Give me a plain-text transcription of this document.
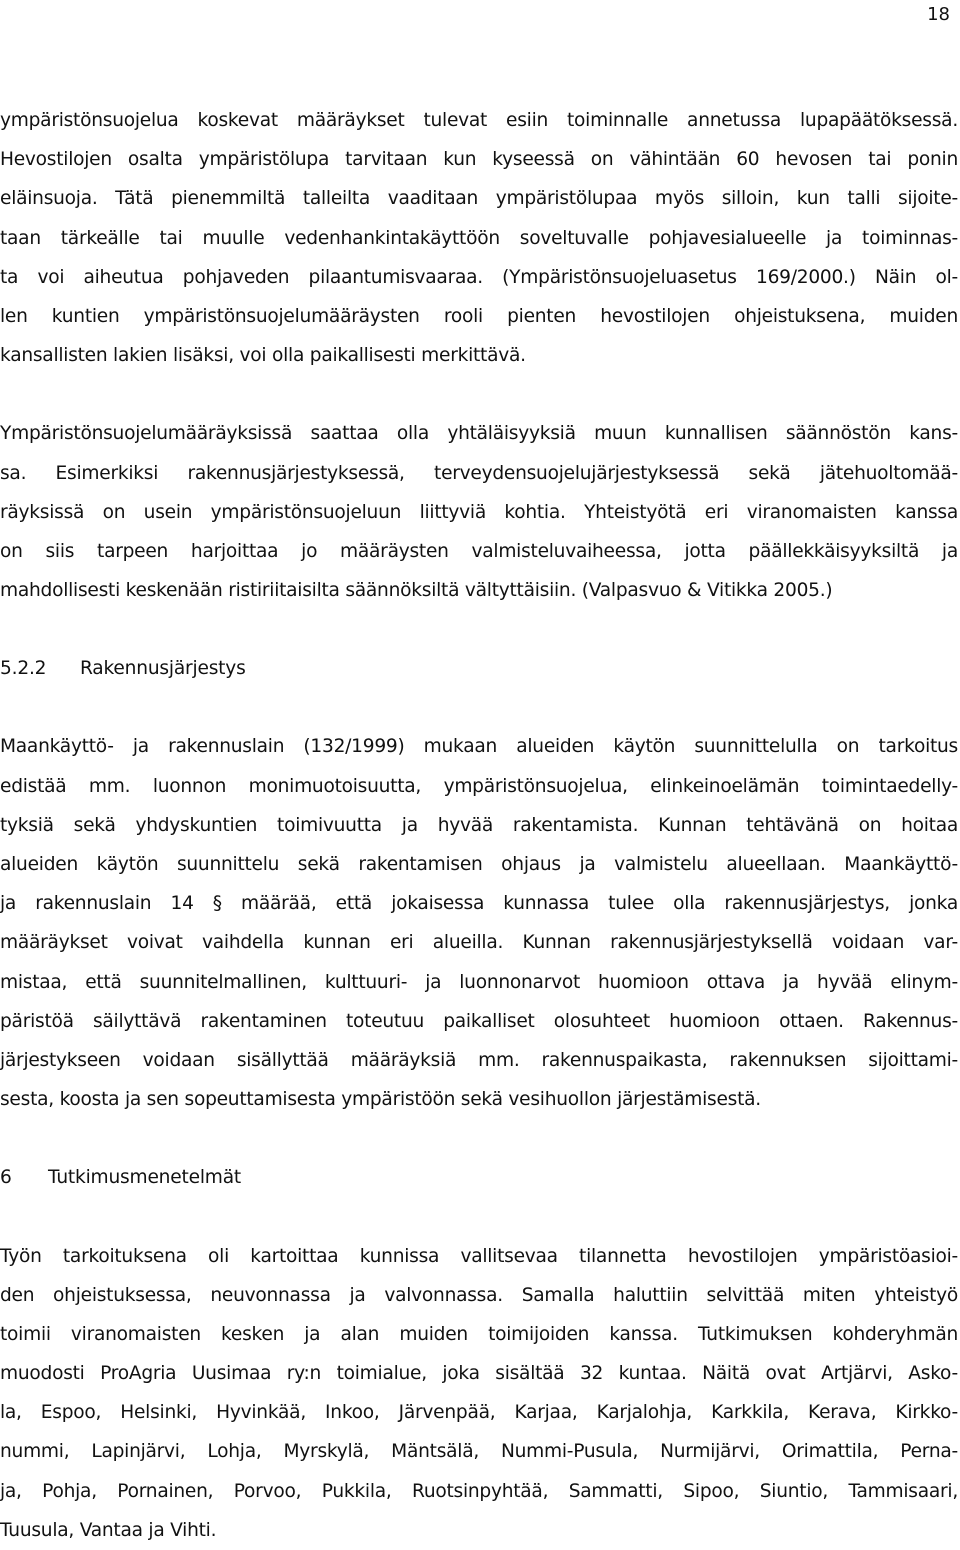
18
ympäristönsuojelua koskevat määräykset tulevat esiin toiminnalle annetussa lupapäätöksessä.
Hevostilojen osalta ympäristölupa tarvitaan kun kyseessä on vähintään 60 hevosen tai ponin
eläinsuoja. Tätä pienemmiltä talleilta vaaditaan ympäristölupaa myös silloin, kun talli sijoite-
taan tärkeälle tai muulle vedenhankintakäyttöön soveltuvalle pohjavesialueelle ja toiminnas-
ta voi aiheutua pohjaveden pilaantumisvaaraa. (Ympäristönsuojeluasetus 169/2000.) Näin ol-
len kuntien ympäristönsuojelumääräysten rooli pienten hevostilojen ohjeistuksena, muiden
kansallisten lakien lisäksi, voi olla paikallisesti merkittävä.
Ympäristönsuojelumääräyksissä saattaa olla yhtäläisyyksiä muun kunnallisen säännöstön kans-
sa. Esimerkiksi rakennusjärjestyksessä, terveydensuojelujärjestyksessä sekä jätehuoltomää-
räyksissä on usein ympäristönsuojeluun liittyviä kohtia. Yhteistyötä eri viranomaisten kanssa
on siis tarpeen harjoittaa jo määräysten valmisteluvaiheessa, jotta päällekkäisyyksiltä ja
mahdollisesti keskenään ristiriitaisilta säännöksiltä vältyttäisiin. (Valpasvuo & Vitikka 2005.)
5.2.2 Rakennusjärjestys
Maankäyttö- ja rakennuslain (132/1999) mukaan alueiden käytön suunnittelulla on tarkoitus
edistää mm. luonnon monimuotoisuutta, ympäristönsuojelua, elinkeinoelämän toimintaedelly-
tyksiä sekä yhdyskuntien toimivuutta ja hyvää rakentamista. Kunnan tehtävänä on hoitaa
alueiden käytön suunnittelu sekä rakentamisen ohjaus ja valmistelu alueellaan. Maankäyttö-
ja rakennuslain 14 § määrää, että jokaisessa kunnassa tulee olla rakennusjärjestys, jonka
määräykset voivat vaihdella kunnan eri alueilla. Kunnan rakennusjärjestyksellä voidaan var-
mistaa, että suunnitelmallinen, kulttuuri- ja luonnonarvot huomioon ottava ja hyvää elinym-
päristöä säilyttävä rakentaminen toteutuu paikalliset olosuhteet huomioon ottaen. Rakennus-
järjestykseen voidaan sisällyttää määräyksiä mm. rakennuspaikasta, rakennuksen sijoittami-
sesta, koosta ja sen sopeuttamisesta ympäristöön sekä vesihuollon järjestämisestä.
6 Tutkimusmenetelmät
Työn tarkoituksena oli kartoittaa kunnissa vallitsevaa tilannetta hevostilojen ympäristöasioi-
den ohjeistuksessa, neuvonnassa ja valvonnassa. Samalla haluttiin selvittää miten yhteistyö
toimii viranomaisten kesken ja alan muiden toimijoiden kanssa. Tutkimuksen kohderyhmän
muodosti ProAgria Uusimaa ry:n toimialue, joka sisältää 32 kuntaa. Näitä ovat Artjärvi, Asko-
la, Espoo, Helsinki, Hyvinkää, Inkoo, Järvenpää, Karjaa, Karjalohja, Karkkila, Kerava, Kirkko-
nummi, Lapinjärvi, Lohja, Myrskylä, Mäntsälä, Nummi-Pusula, Nurmijärvi, Orimattila, Perna-
ja, Pohja, Pornainen, Porvoo, Pukkila, Ruotsinpyhtää, Sammatti, Sipoo, Siuntio, Tammisaari,
Tuusula, Vantaa ja Vihti.
